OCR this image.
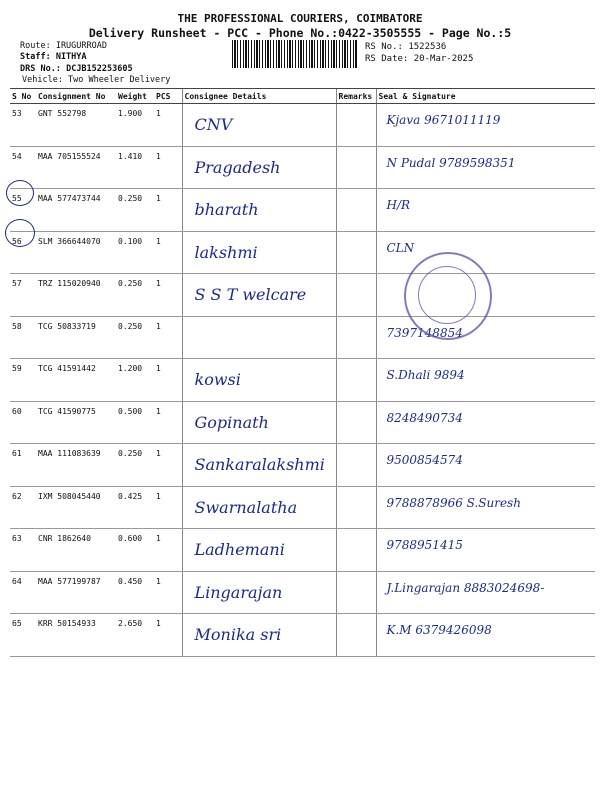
THE PROFESSIONAL COURIERS, COIMBATORE
Delivery Runsheet - PCC - Phone No.:0422-3505555 - Page No.:5
Route: IRUGURROAD
Staff: NITHYA
DRS No.: DCJB152253605
Vehicle: Two Wheeler Delivery
RS No.: 1522536
RS Date: 20-Mar-2025
S No	Consignment No	Weight	PCS	Consignee Details	Remarks	Seal & Signature
53	GNT 552798	1.900	1	CNV		Kjava 9671011119
54	MAA 705155524	1.410	1	Pragadesh		N Pudal 9789598351
55	MAA 577473744	0.250	1	bharath		H/R
56	SLM 366644070	0.100	1	lakshmi		CLN
57	TRZ 115020940	0.250	1	S S T welcare		
58	TCG 50833719	0.250	1			7397148854
59	TCG 41591442	1.200	1	kowsi		S.Dhali 9894
60	TCG 41590775	0.500	1	Gopinath		8248490734
61	MAA 111083639	0.250	1	Sankaralakshmi		9500854574
62	IXM 508045440	0.425	1	Swarnalatha		9788878966 S.Suresh
63	CNR 1862640	0.600	1	Ladhemani		9788951415
64	MAA 577199787	0.450	1	Lingarajan		J.Lingarajan 8883024698-
65	KRR 50154933	2.650	1	Monika sri		K.M 6379426098
